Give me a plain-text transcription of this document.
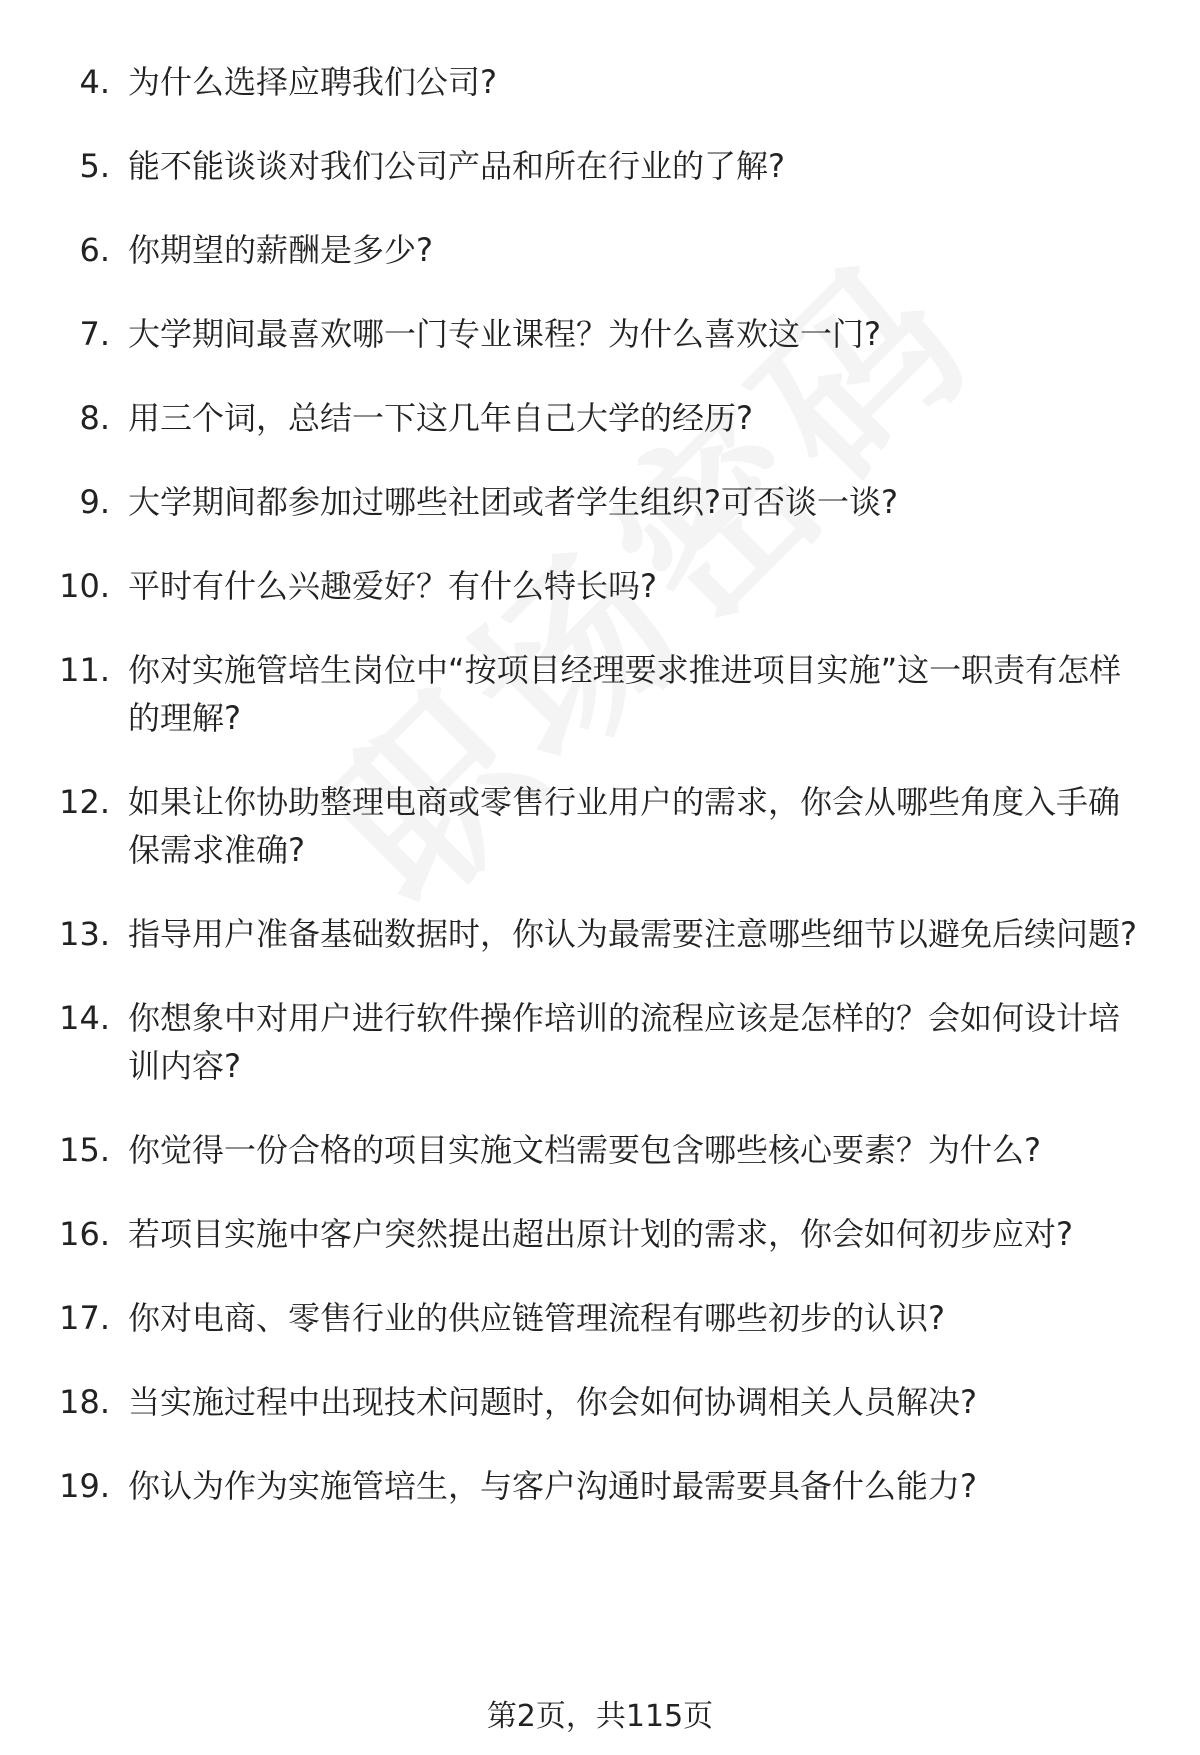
4. 为什么选择应聘我们公司?
5. 能不能谈谈对我们公司产品和所在行业的了解?
6. 你期望的薪酬是多少?
7. 大学期间最喜欢哪一门专业课程？为什么喜欢这一门?
8. 用三个词，总结一下这几年自己大学的经历?
9. 大学期间都参加过哪些社团或者学生组织?可否谈一谈?
10. 平时有什么兴趣爱好？有什么特长吗?
11. 你对实施管培生岗位中“按项目经理要求推进项目实施”这一职责有怎样的理解?
12. 如果让你协助整理电商或零售行业用户的需求，你会从哪些角度入手确保需求准确?
13. 指导用户准备基础数据时，你认为最需要注意哪些细节以避免后续问题?
14. 你想象中对用户进行软件操作培训的流程应该是怎样的？会如何设计培训内容?
15. 你觉得一份合格的项目实施文档需要包含哪些核心要素？为什么?
16. 若项目实施中客户突然提出超出原计划的需求，你会如何初步应对?
17. 你对电商、零售行业的供应链管理流程有哪些初步的认识?
18. 当实施过程中出现技术问题时，你会如何协调相关人员解决?
19. 你认为作为实施管培生，与客户沟通时最需要具备什么能力?
第2页，共115页
